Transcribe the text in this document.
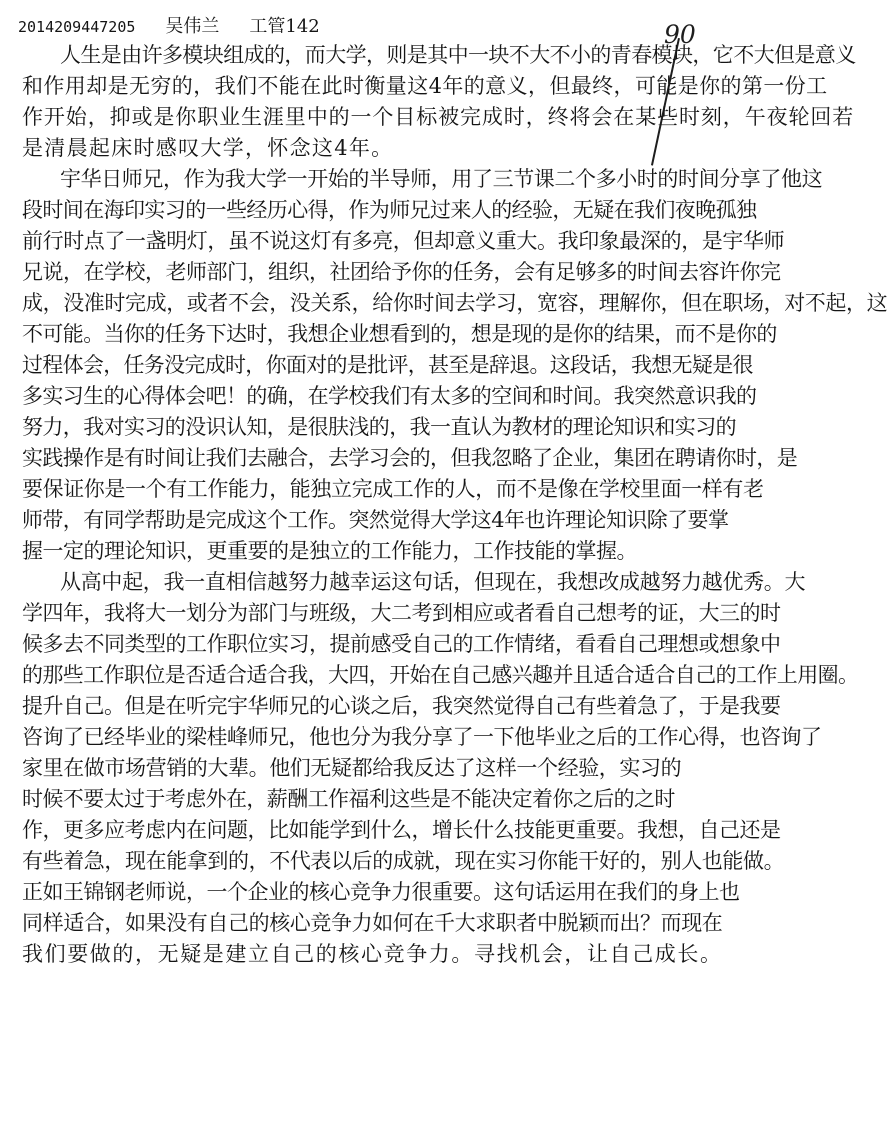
2014209447205 吴伟兰 工管142	90
人生是由许多模块组成的，而大学，则是其中一块不大不小的青春模块，它不大但是意义
和作用却是无穷的，我们不能在此时衡量这4年的意义，但最终，可能是你的第一份工
作开始，抑或是你职业生涯里中的一个目标被完成时，终将会在某些时刻，午夜轮回若
是清晨起床时感叹大学，怀念这4年。
宇华日师兄，作为我大学一开始的半导师，用了三节课二个多小时的时间分享了他这
段时间在海印实习的一些经历心得，作为师兄过来人的经验，无疑在我们夜晚孤独
前行时点了一盏明灯，虽不说这灯有多亮，但却意义重大。我印象最深的，是宇华师
兄说，在学校，老师部门，组织，社团给予你的任务，会有足够多的时间去容许你完
成，没准时完成，或者不会，没关系，给你时间去学习，宽容，理解你，但在职场，对不起，这
不可能。当你的任务下达时，我想企业想看到的，想是现的是你的结果，而不是你的
过程体会，任务没完成时，你面对的是批评，甚至是辞退。这段话，我想无疑是很
多实习生的心得体会吧！的确，在学校我们有太多的空间和时间。我突然意识我的
努力，我对实习的没识认知，是很肤浅的，我一直认为教材的理论知识和实习的
实践操作是有时间让我们去融合，去学习会的，但我忽略了企业，集团在聘请你时，是
要保证你是一个有工作能力，能独立完成工作的人，而不是像在学校里面一样有老
师带，有同学帮助是完成这个工作。突然觉得大学这4年也许理论知识除了要掌
握一定的理论知识，更重要的是独立的工作能力，工作技能的掌握。
从高中起，我一直相信越努力越幸运这句话，但现在，我想改成越努力越优秀。大
学四年，我将大一划分为部门与班级，大二考到相应或者看自己想考的证，大三的时
候多去不同类型的工作职位实习，提前感受自己的工作情绪，看看自己理想或想象中
的那些工作职位是否适合适合我，大四，开始在自己感兴趣并且适合适合自己的工作上用圈。
提升自己。但是在听完宇华师兄的心谈之后，我突然觉得自己有些着急了，于是我要
咨询了已经毕业的梁桂峰师兄，他也分为我分享了一下他毕业之后的工作心得，也咨询了
家里在做市场营销的大辈。他们无疑都给我反达了这样一个经验，实习的
时候不要太过于考虑外在，薪酬工作福利这些是不能决定着你之后的之时
作，更多应考虑内在问题，比如能学到什么，增长什么技能更重要。我想，自己还是
有些着急，现在能拿到的，不代表以后的成就，现在实习你能干好的，别人也能做。
正如王锦钢老师说，一个企业的核心竞争力很重要。这句话运用在我们的身上也
同样适合，如果没有自己的核心竞争力如何在千大求职者中脱颖而出？而现在
我们要做的，无疑是建立自己的核心竞争力。寻找机会，让自己成长。
